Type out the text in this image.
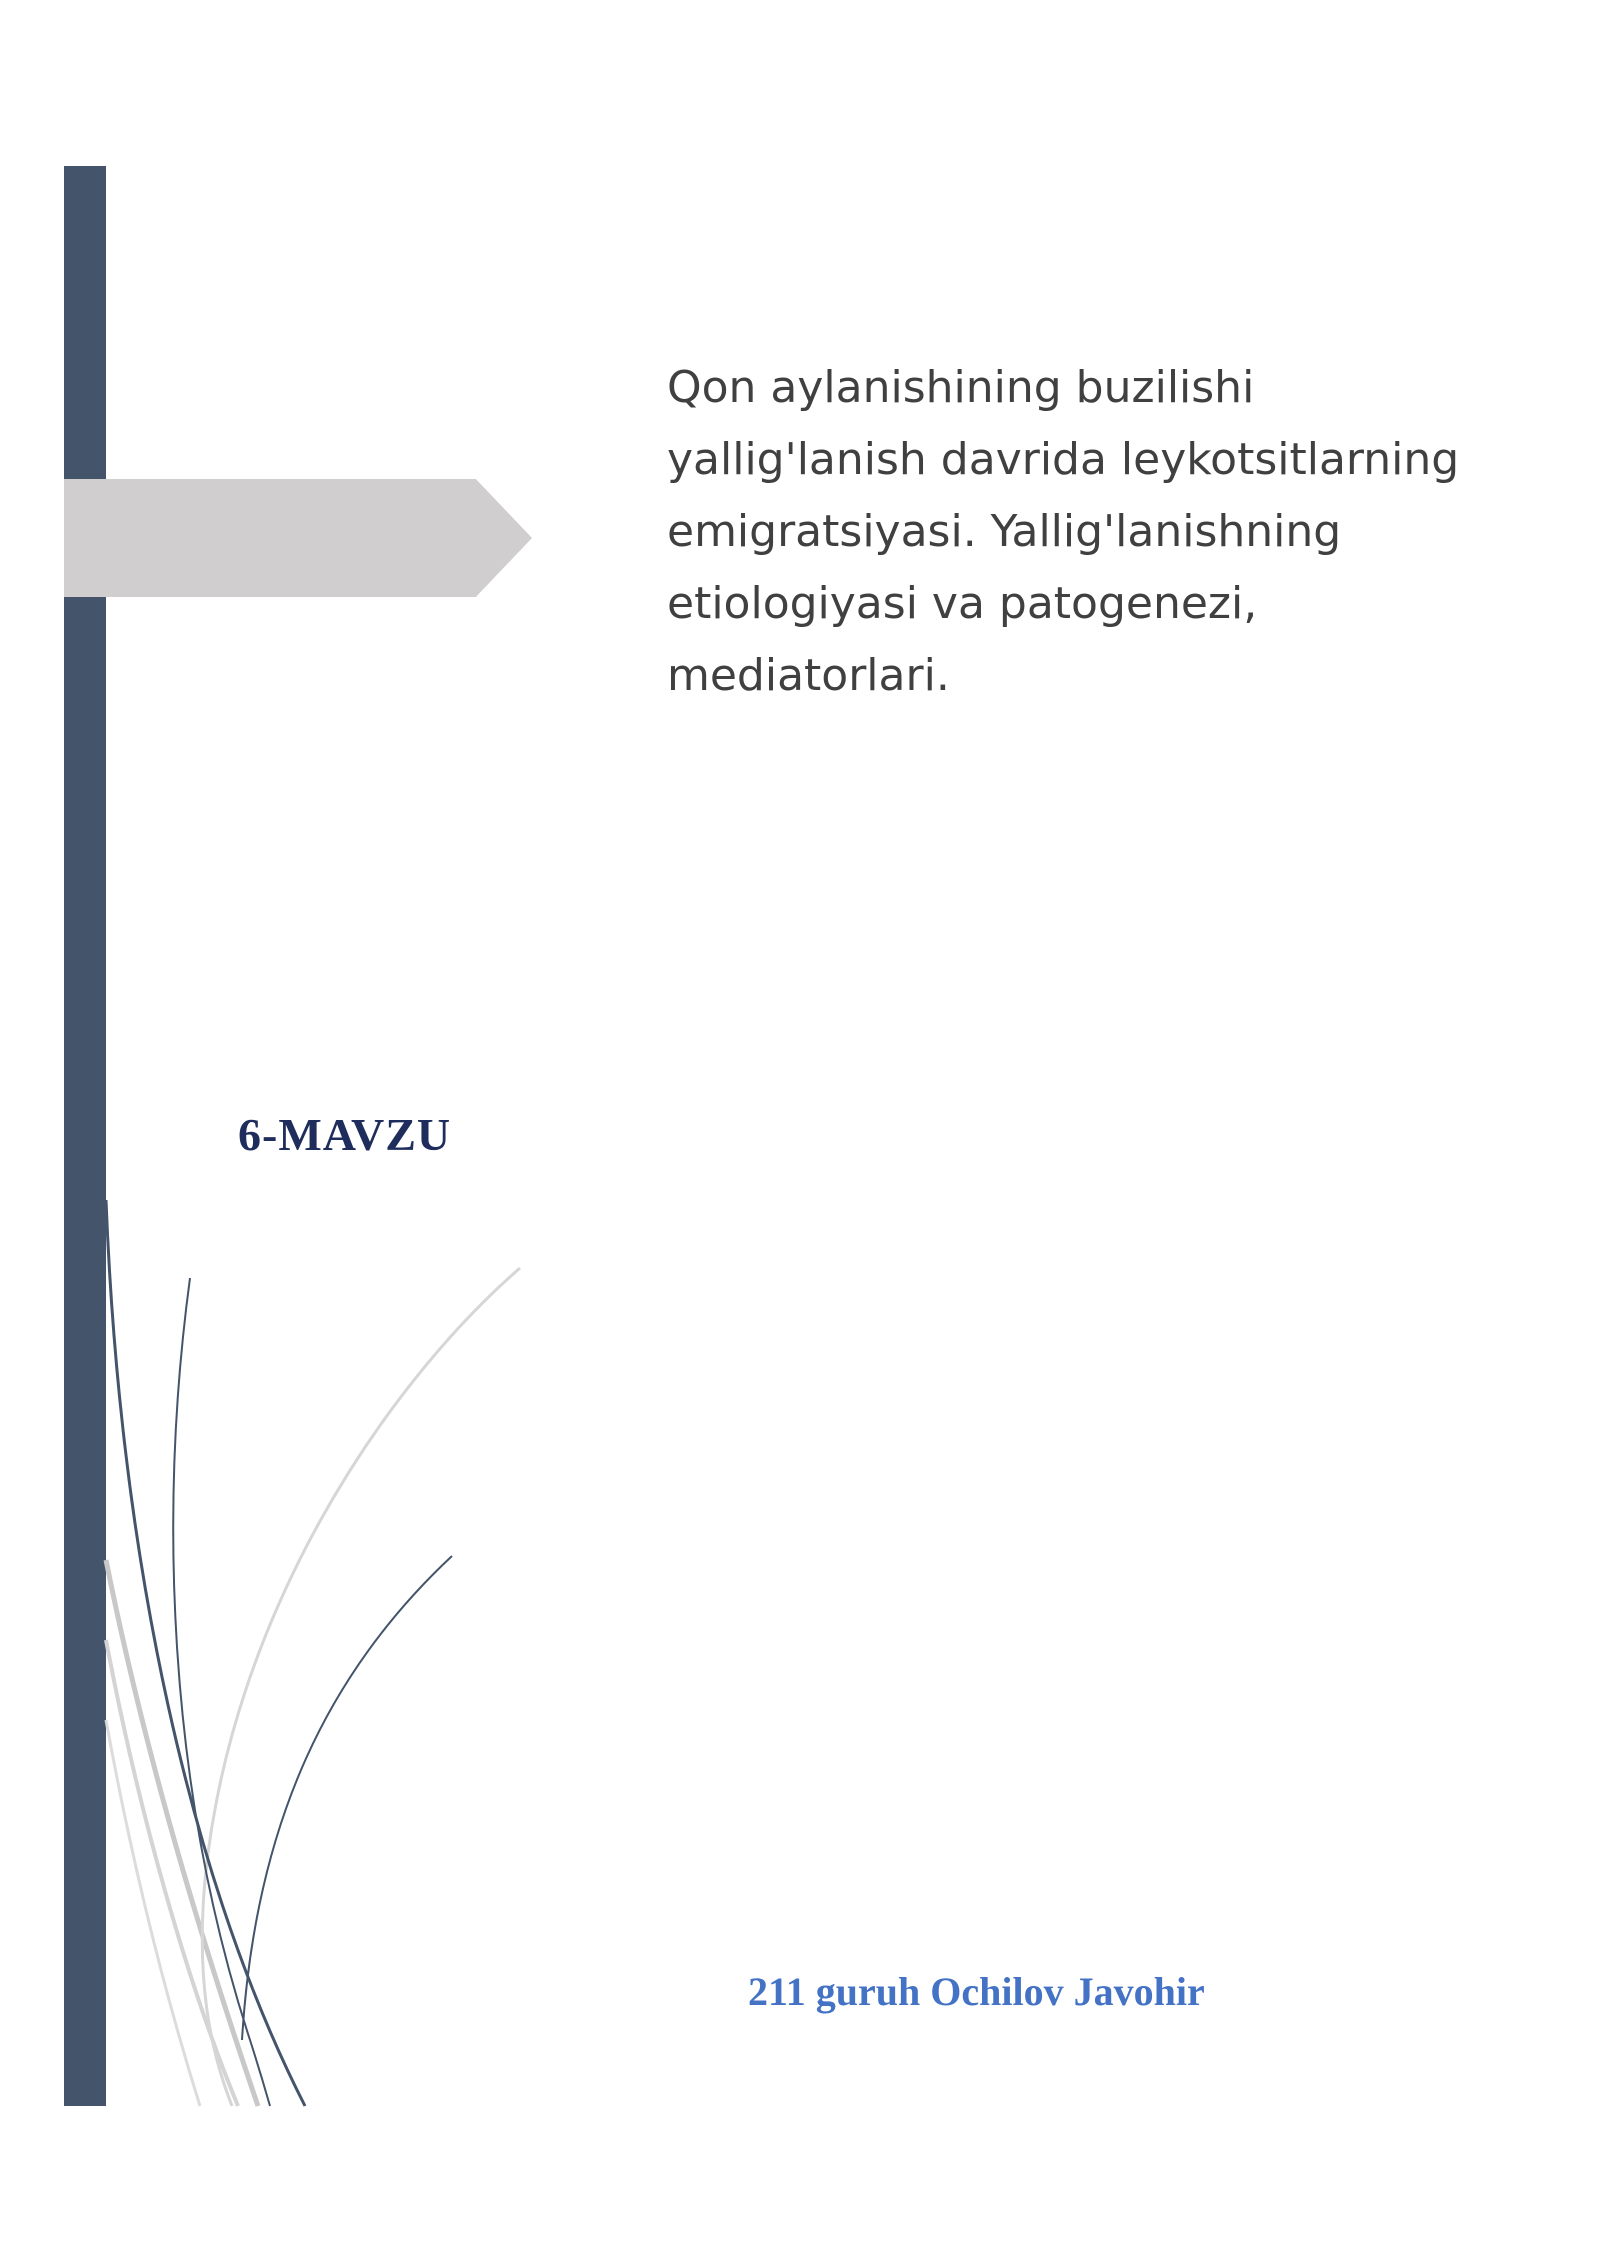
Qon aylanishining buzilishi yallig'lanish davrida leykotsitlarning emigratsiyasi. Yallig'lanishning etiologiyasi va patogenezi, mediatorlari.

6-MAVZU

211 guruh Ochilov Javohir
